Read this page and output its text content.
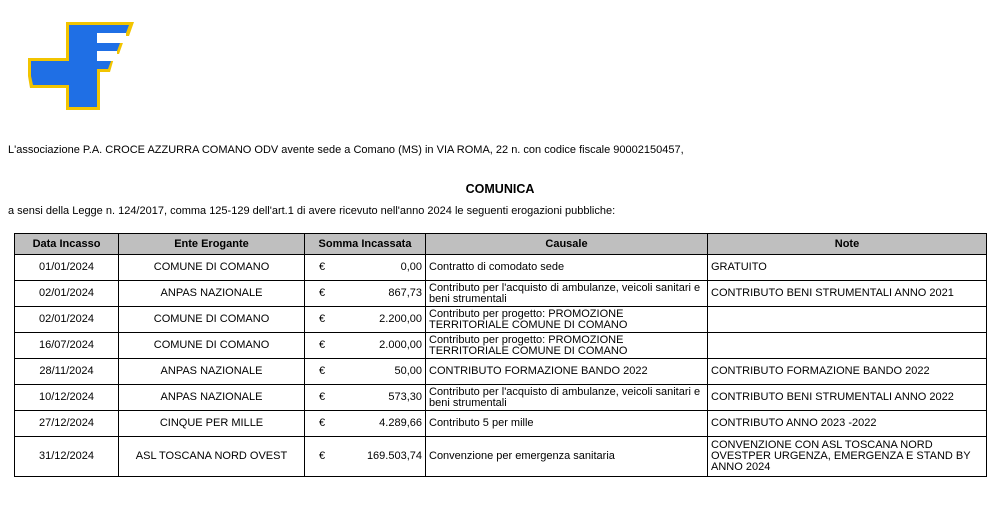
L'associazione P.A. CROCE AZZURRA COMANO ODV avente sede a Comano (MS) in VIA ROMA, 22 n. con codice fiscale 90002150457,
COMUNICA
a sensi della Legge n. 124/2017, comma 125-129 dell'art.1 di avere ricevuto nell'anno 2024 le seguenti erogazioni pubbliche:
Data Incasso	Ente Erogante	Somma Incassata	Causale	Note
01/01/2024	COMUNE DI COMANO	€ 0,00	Contratto di comodato sede	GRATUITO
02/01/2024	ANPAS NAZIONALE	€ 867,73	Contributo per l'acquisto di ambulanze, veicoli sanitari e beni strumentali	CONTRIBUTO BENI STRUMENTALI ANNO 2021
02/01/2024	COMUNE DI COMANO	€ 2.200,00	Contributo per progetto: PROMOZIONE TERRITORIALE COMUNE DI COMANO	
16/07/2024	COMUNE DI COMANO	€ 2.000,00	Contributo per progetto: PROMOZIONE TERRITORIALE COMUNE DI COMANO	
28/11/2024	ANPAS NAZIONALE	€ 50,00	CONTRIBUTO FORMAZIONE BANDO 2022	CONTRIBUTO FORMAZIONE BANDO 2022
10/12/2024	ANPAS NAZIONALE	€ 573,30	Contributo per l'acquisto di ambulanze, veicoli sanitari e beni strumentali	CONTRIBUTO BENI STRUMENTALI ANNO 2022
27/12/2024	CINQUE PER MILLE	€ 4.289,66	Contributo 5 per mille	CONTRIBUTO ANNO 2023 -2022
31/12/2024	ASL TOSCANA NORD OVEST	€ 169.503,74	Convenzione per emergenza sanitaria	CONVENZIONE CON ASL TOSCANA NORD OVESTPER URGENZA, EMERGENZA E STAND BY ANNO 2024
